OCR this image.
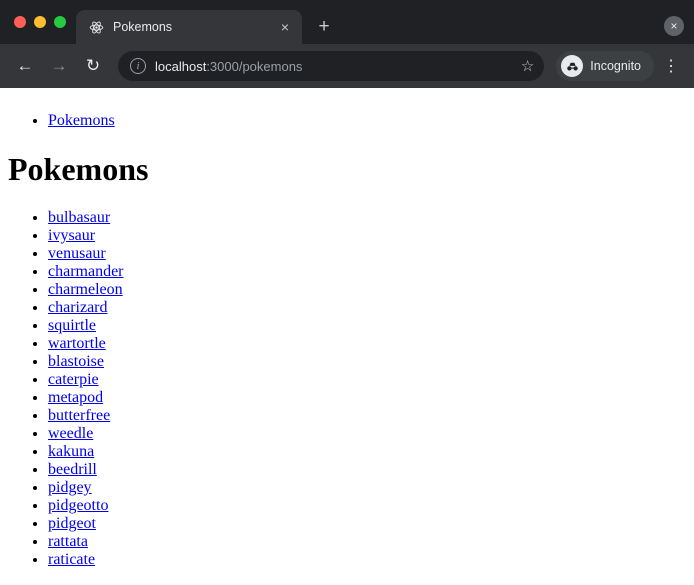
Pokemons	×	+	×
←	→	↻	i	localhost:3000/pokemons	☆	Incognito	⋮
• Pokemons
Pokemons
• bulbasaur
• ivysaur
• venusaur
• charmander
• charmeleon
• charizard
• squirtle
• wartortle
• blastoise
• caterpie
• metapod
• butterfree
• weedle
• kakuna
• beedrill
• pidgey
• pidgeotto
• pidgeot
• rattata
• raticate
